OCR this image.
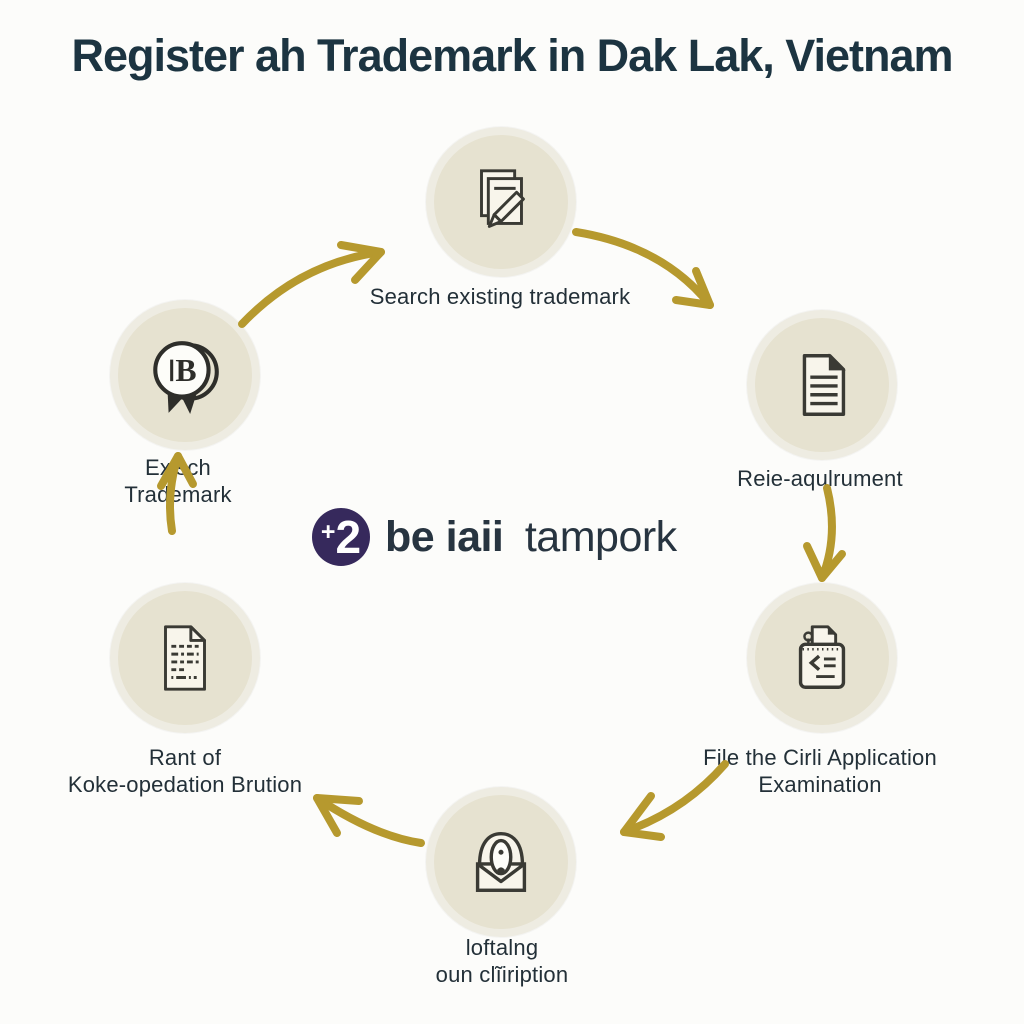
Register ah Trademark in Dak Lak, Vietnam
Search existing trademark
Reie-aqulrument
File the Cirli Application
Examination
loftalng
oun clĩiription
Rant of
Koke-opedation Brution
B
Exisch
Trademark
+ 2 be iaii tampork
